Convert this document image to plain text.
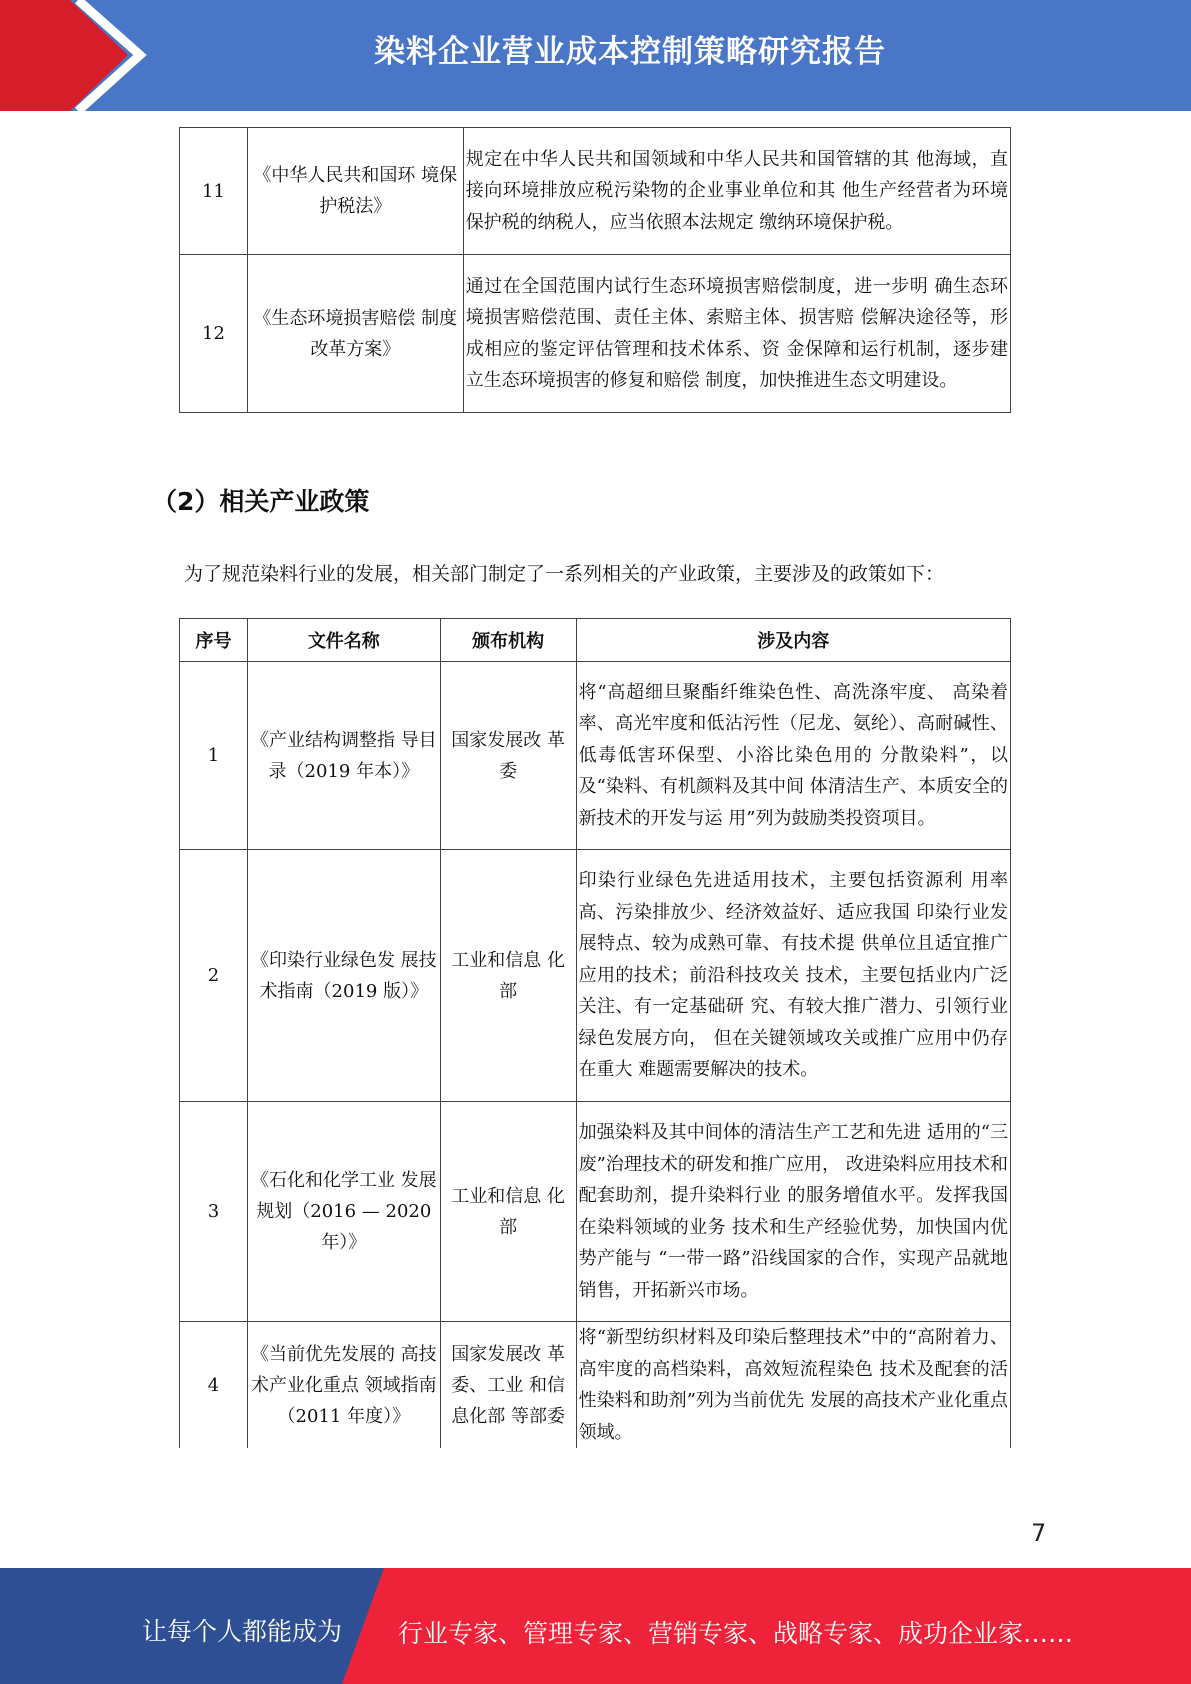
染料企业营业成本控制策略研究报告
11	《中华人民共和国环 境保护税法》	规定在中华人民共和国领域和中华人民共和国管辖的其 他海域，直接向环境排放应税污染物的企业事业单位和其 他生产经营者为环境保护税的纳税人，应当依照本法规定 缴纳环境保护税。
12	《生态环境损害赔偿 制度改革方案》	通过在全国范围内试行生态环境损害赔偿制度，进一步明 确生态环境损害赔偿范围、责任主体、索赔主体、损害赔 偿解决途径等，形成相应的鉴定评估管理和技术体系、资 金保障和运行机制，逐步建立生态环境损害的修复和赔偿 制度，加快推进生态文明建设。
（2）相关产业政策
为了规范染料行业的发展，相关部门制定了一系列相关的产业政策，主要涉及的政策如下：
序号	文件名称	颁布机构	涉及内容
1	《产业结构调整指 导目录（2019 年本）》	国家发展改 革委	将“高超细旦聚酯纤维染色性、高洗涤牢度、 高染着率、高光牢度和低沾污性（尼龙、氨纶）、高耐碱性、低毒低害环保型、小浴比染色用的 分散染料”，以及“染料、有机颜料及其中间 体清洁生产、本质安全的新技术的开发与运 用”列为鼓励类投资项目。
2	《印染行业绿色发 展技术指南（2019 版）》	工业和信息 化部	印染行业绿色先进适用技术，主要包括资源利 用率高、污染排放少、经济效益好、适应我国 印染行业发展特点、较为成熟可靠、有技术提 供单位且适宜推广应用的技术；前沿科技攻关 技术，主要包括业内广泛关注、有一定基础研 究、有较大推广潜力、引领行业绿色发展方向， 但在关键领域攻关或推广应用中仍存在重大 难题需要解决的技术。
3	《石化和化学工业 发展规划（2016 — 2020 年）》	工业和信息 化部	加强染料及其中间体的清洁生产工艺和先进 适用的“三废”治理技术的研发和推广应用， 改进染料应用技术和配套助剂，提升染料行业 的服务增值水平。发挥我国在染料领域的业务 技术和生产经验优势，加快国内优势产能与 “一带一路”沿线国家的合作，实现产品就地 销售，开拓新兴市场。
4	《当前优先发展的 高技术产业化重点 领域指南（2011 年度）》	国家发展改 革委、工业 和信息化部 等部委	将“新型纺织材料及印染后整理技术”中的“高附着力、高牢度的高档染料，高效短流程染色 技术及配套的活性染料和助剂”列为当前优先 发展的高技术产业化重点领域。
7
让每个人都能成为 行业专家、管理专家、营销专家、战略专家、成功企业家……
